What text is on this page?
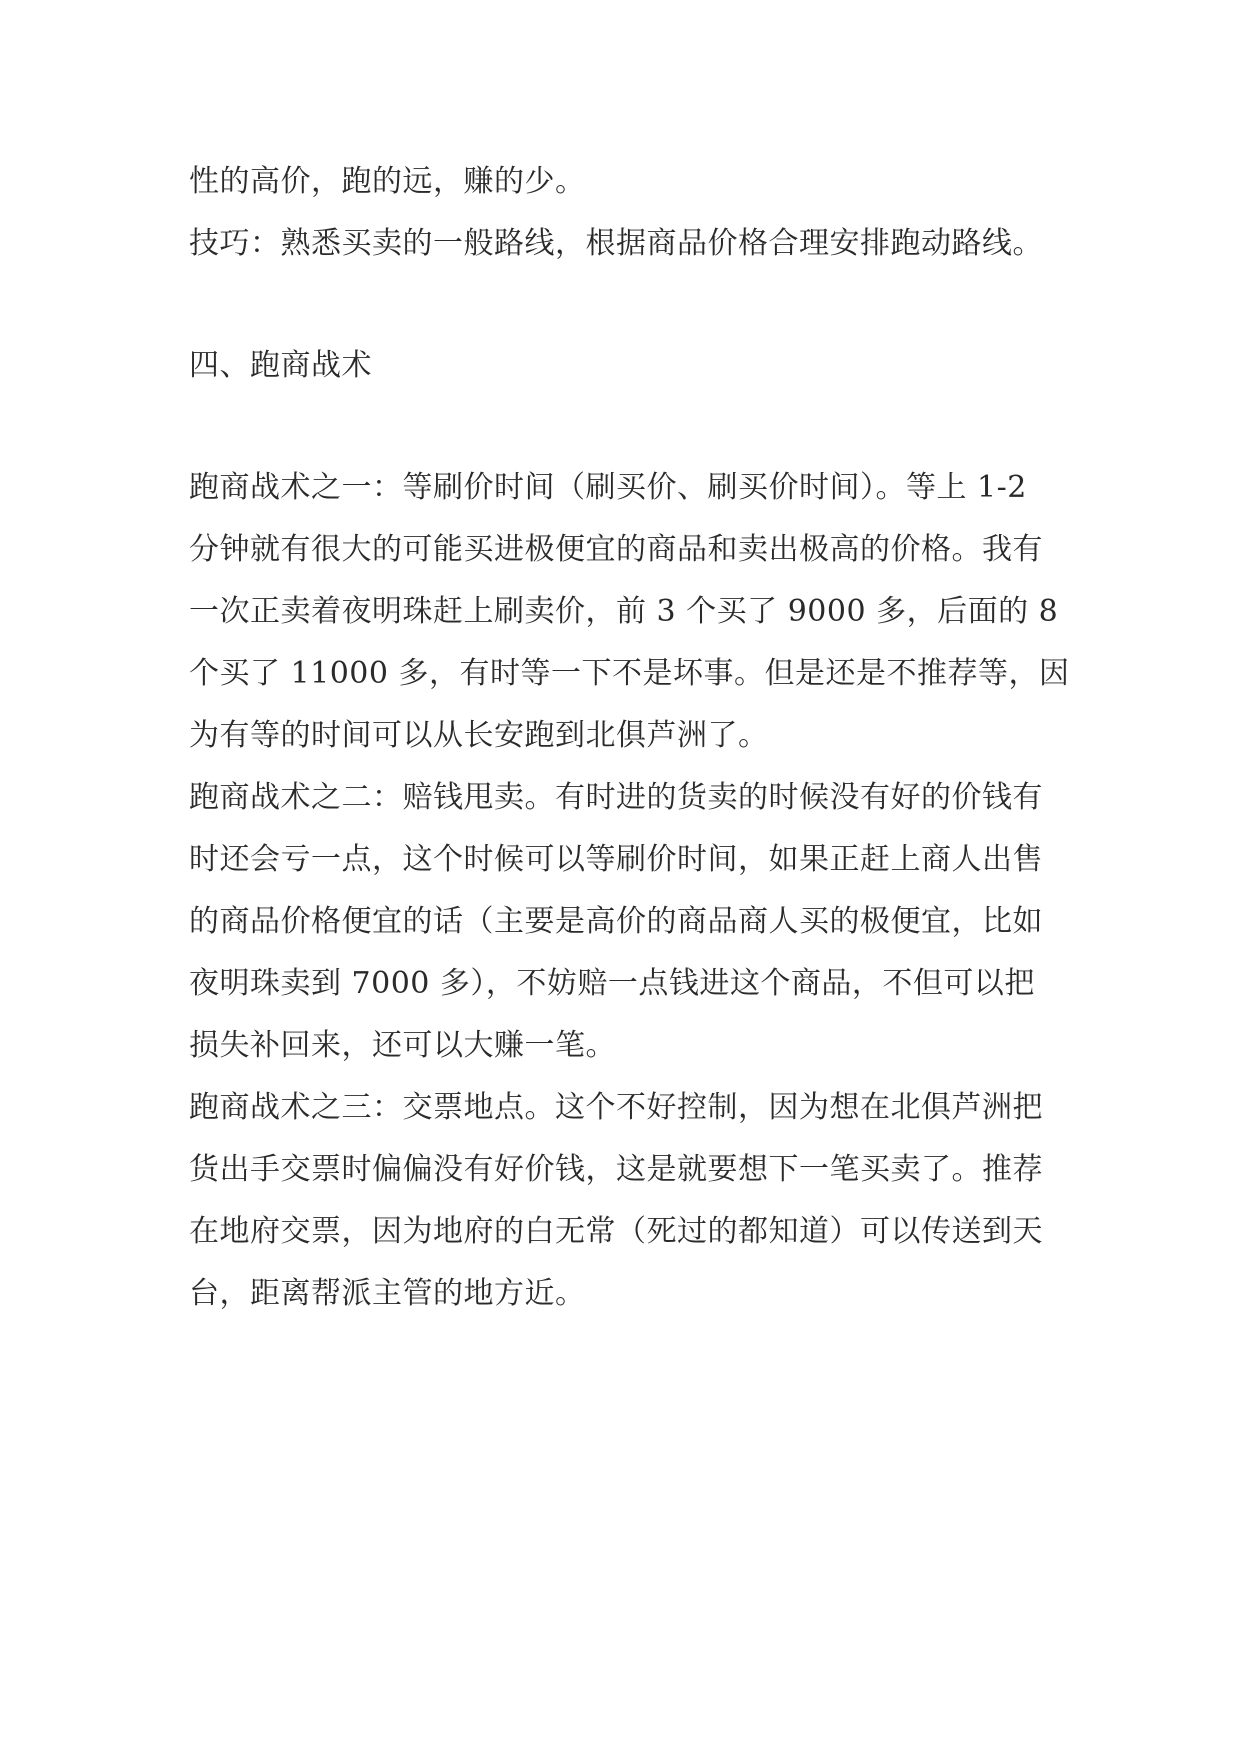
性的高价，跑的远，赚的少。
技巧：熟悉买卖的一般路线，根据商品价格合理安排跑动路线。
四、跑商战术
跑商战术之一：等刷价时间（刷买价、刷买价时间）。等上 1-2
分钟就有很大的可能买进极便宜的商品和卖出极高的价格。我有
一次正卖着夜明珠赶上刷卖价，前 3 个买了 9000 多，后面的 8
个买了 11000 多，有时等一下不是坏事。但是还是不推荐等，因
为有等的时间可以从长安跑到北俱芦洲了。
跑商战术之二：赔钱甩卖。有时进的货卖的时候没有好的价钱有
时还会亏一点，这个时候可以等刷价时间，如果正赶上商人出售
的商品价格便宜的话（主要是高价的商品商人买的极便宜，比如
夜明珠卖到 7000 多），不妨赔一点钱进这个商品，不但可以把
损失补回来，还可以大赚一笔。
跑商战术之三：交票地点。这个不好控制，因为想在北俱芦洲把
货出手交票时偏偏没有好价钱，这是就要想下一笔买卖了。推荐
在地府交票，因为地府的白无常（死过的都知道）可以传送到天
台，距离帮派主管的地方近。
